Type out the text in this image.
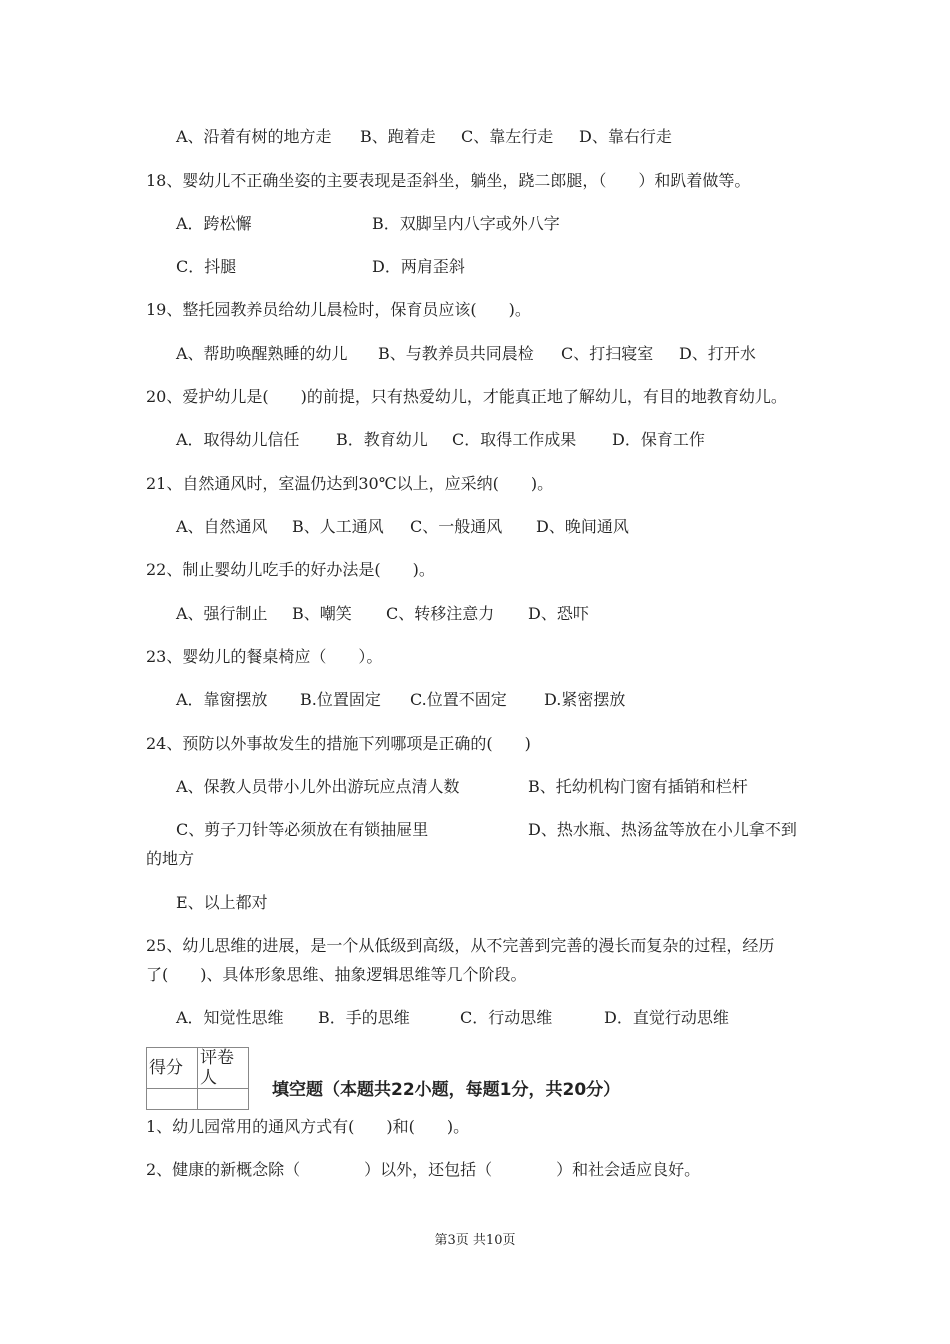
A、沿着有树的地方走 B、跑着走 C、靠左行走 D、靠右行走
18、婴幼儿不正确坐姿的主要表现是歪斜坐，躺坐，跷二郎腿，（　　）和趴着做等。
A．跨松懈	B．双脚呈内八字或外八字
C．抖腿	D．两肩歪斜
19、整托园教养员给幼儿晨检时，保育员应该(　　)。
A、帮助唤醒熟睡的幼儿 B、与教养员共同晨检 C、打扫寝室 D、打开水
20、爱护幼儿是(　　)的前提，只有热爱幼儿，才能真正地了解幼儿，有目的地教育幼儿。
A．取得幼儿信任 B．教育幼儿 C．取得工作成果 D．保育工作
21、自然通风时，室温仍达到30℃以上，应采纳(　　)。
A、自然通风 B、人工通风 C、一般通风 D、晚间通风
22、制止婴幼儿吃手的好办法是(　　)。
A、强行制止 B、嘲笑 C、转移注意力 D、恐吓
23、婴幼儿的餐桌椅应（　　）。
A．靠窗摆放 B.位置固定 C.位置不固定 D.紧密摆放
24、预防以外事故发生的措施下列哪项是正确的(　　)
A、保教人员带小儿外出游玩应点清人数	B、托幼机构门窗有插销和栏杆
C、剪子刀针等必须放在有锁抽屉里	D、热水瓶、热汤盆等放在小儿拿不到
的地方
E、以上都对
25、幼儿思维的进展，是一个从低级到高级，从不完善到完善的漫长而复杂的过程，经历
了(　　)、具体形象思维、抽象逻辑思维等几个阶段。
A．知觉性思维 B．手的思维	C．行动思维	D．直觉行动思维
得分	评卷人

填空题（本题共22小题，每题1分，共20分）
1、幼儿园常用的通风方式有(　　)和(　　)。
2、健康的新概念除（　　　　）以外，还包括（　　　　）和社会适应良好。
第3页 共10页
